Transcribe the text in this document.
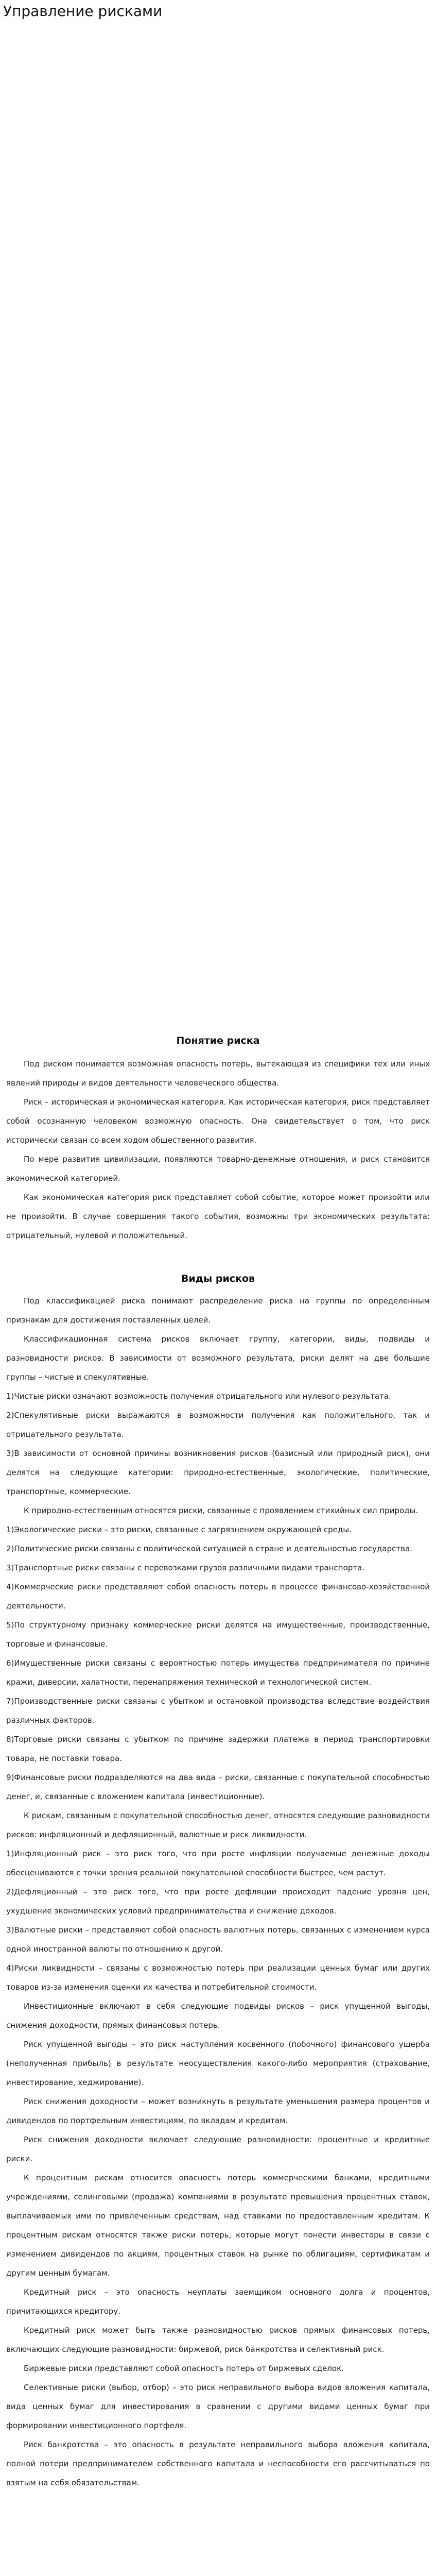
Управление рисками
Понятие риска

Под риском понимается возможная опасность потерь, вытекающая из специфики тех или иных явлений природы и видов деятельности человеческого общества.

Риск – историческая и экономическая категория. Как историческая категория, риск представляет собой осознанную человеком возможную опасность. Она свидетельствует о том, что риск исторически связан со всем ходом общественного развития.

По мере развития цивилизации, появляются товарно-денежные отношения, и риск становится экономической категорией.

Как экономическая категория риск представляет собой событие, которое может произойти или не произойти. В случае совершения такого события, возможны три экономических результата: отрицательный, нулевой и положительный.

Виды рисков

Под классификацией риска понимают распределение риска на группы по определенным признакам для достижения поставленных целей.

Классификационная система рисков включает группу, категории, виды, подвиды и разновидности рисков. В зависимости от возможного результата, риски делят на две большие группы – чистые и спекулятивные.

1)Чистые риски означают возможность получения отрицательного или нулевого результата.

2)Спекулятивные риски выражаются в возможности получения как положительного, так и отрицательного результата.

3)В зависимости от основной причины возникновения рисков (базисный или природный риск), они делятся на следующие категории: природно-естественные, экологические, политические, транспортные, коммерческие.

К природно-естественным относятся риски, связанные с проявлением стихийных сил природы.

1)Экологические риски – это риски, связанные с загрязнением окружающей среды.

2)Политические риски связаны с политической ситуацией в стране и деятельностью государства.

3)Транспортные риски связаны с перевозками грузов различными видами транспорта.

4)Коммерческие риски представляют собой опасность потерь в процессе финансово-хозяйственной деятельности.

5)По структурному признаку коммерческие риски делятся на имущественные, производственные, торговые и финансовые.

6)Имущественные риски связаны с вероятностью потерь имущества предпринимателя по причине кражи, диверсии, халатности, перенапряжения технической и технологической систем.

7)Производственные риски связаны с убытком и остановкой производства вследствие воздействия различных факторов.

8)Торговые риски связаны с убытком по причине задержки платежа в период транспортировки товара, не поставки товара.

9)Финансовые риски подразделяются на два вида – риски, связанные с покупательной способностью денег, и, связанные с вложением капитала (инвестиционные).

К рискам, связанным с покупательной способностью денег, относятся следующие разновидности рисков: инфляционный и дефляционный, валютные и риск ликвидности.

1)Инфляционный риск – это риск того, что при росте инфляции получаемые денежные доходы обесцениваются с точки зрения реальной покупательной способности быстрее, чем растут.

2)Дефляционный – это риск того, что при росте дефляции происходит падение уровня цен, ухудшение экономических условий предпринимательства и снижение доходов.

3)Валютные риски – представляют собой опасность валютных потерь, связанных с изменением курса одной иностранной валюты по отношению к другой.

4)Риски ликвидности – связаны с возможностью потерь при реализации ценных бумаг или других товаров из-за изменения оценки их качества и потребительной стоимости.

Инвестиционные включают в себя следующие подвиды рисков – риск упущенной выгоды, снижения доходности, прямых финансовых потерь.

Риск упущенной выгоды – это риск наступления косвенного (побочного) финансового ущерба (неполученная прибыль) в результате неосуществления какого-либо мероприятия (страхование, инвестирование, хеджирование).

Риск снижения доходности – может возникнуть в результате уменьшения размера процентов и дивидендов по портфельным инвестициям, по вкладам и кредитам.

Риск снижения доходности включает следующие разновидности: процентные и кредитные риски.

К процентным рискам относится опасность потерь коммерческими банками, кредитными учреждениями, селинговыми (продажа) компаниями в результате превышения процентных ставок, выплачиваемых ими по привлеченным средствам, над ставками по предоставленным кредитам. К процентным рискам относятся также риски потерь, которые могут понести инвесторы в связи с изменением дивидендов по акциям, процентных ставок на рынке по облигациям, сертификатам и другим ценным бумагам.

Кредитный риск – это опасность неуплаты заемщиком основного долга и процентов, причитающихся кредитору.

Кредитный риск может быть также разновидностью рисков прямых финансовых потерь, включающих следующие разновидности: биржевой, риск банкротства и селективный риск.

Биржевые риски представляют собой опасность потерь от биржевых сделок.

Селективные риски (выбор, отбор) – это риск неправильного выбора видов вложения капитала, вида ценных бумаг для инвестирования в сравнении с другими видами ценных бумаг при формировании инвестиционного портфеля.

Риск банкротства – это опасность в результате неправильного выбора вложения капитала, полной потери предпринимателем собственного капитала и неспособности его рассчитываться по взятым на себя обязательствам.
